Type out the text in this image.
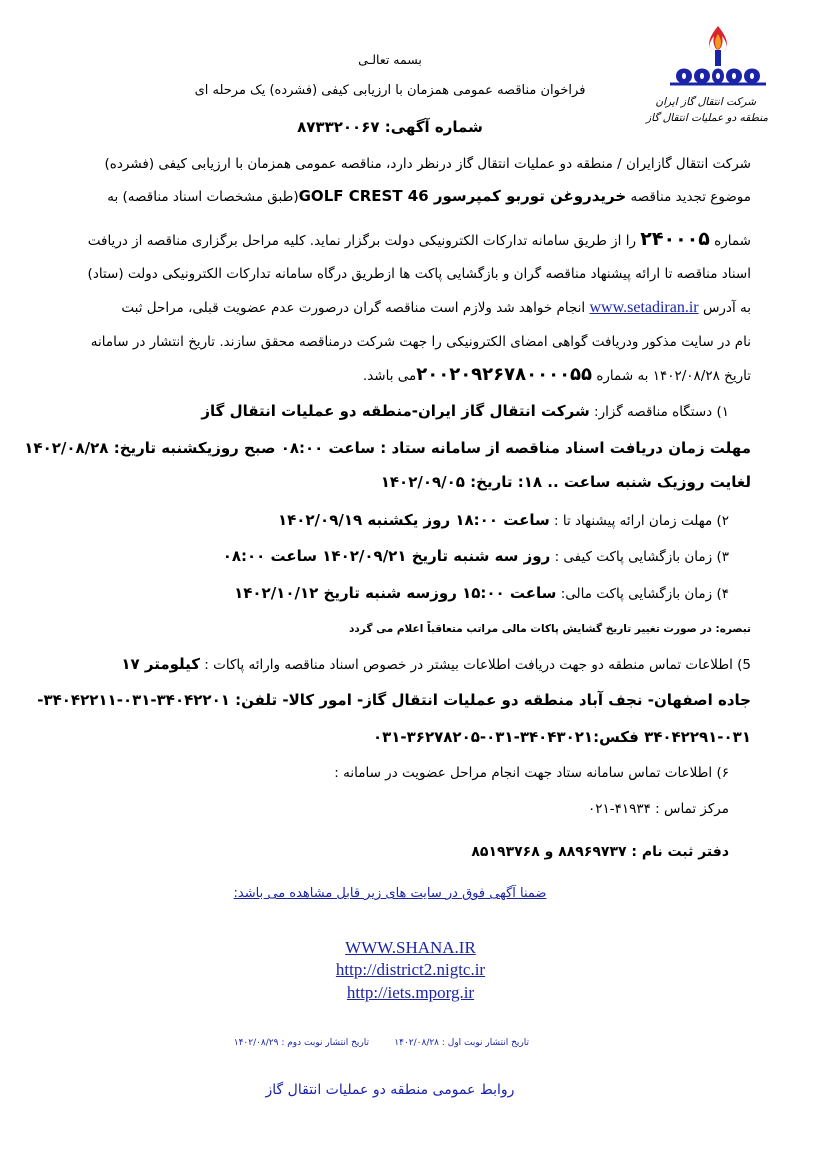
شرکت انتقال گاز ایران
منطقه دو عملیات انتقال گاز
بسمه تعالـی
فراخوان مناقصه عمومی همزمان با ارزیابی کیفی (فشرده) یک مرحله ای
شماره آگهی: ۸۷۳۳۲۰۰۶۷
شرکت انتقال گازایران / منطقه دو عملیات انتقال گاز درنظر دارد، مناقصه عمومی همزمان با ارزیابی کیفی (فشرده)
موضوع تجدید مناقصه خریدروغن توربو کمپرسور GOLF CREST 46(طبق مشخصات اسناد مناقصه) به
شماره ۲۴۰۰۰۵ را از طریق سامانه تدارکات الکترونیکی دولت برگزار نماید. کلیه مراحل برگزاری مناقصه از دریافت
اسناد مناقصه تا ارائه پیشنهاد مناقصه گران و بازگشایی پاکت ها ازطریق درگاه سامانه تدارکات الکترونیکی دولت (ستاد)
به آدرس www.setadiran.ir انجام خواهد شد ولازم است مناقصه گران درصورت عدم عضویت قبلی، مراحل ثبت
نام در سایت مذکور ودریافت گواهی امضای الکترونیکی را جهت شرکت درمناقصه محقق سازند. تاریخ انتشار در سامانه
تاریخ ۱۴۰۲/۰۸/۲۸ به شماره ۲۰۰۲۰۹۲۶۷۸۰۰۰۰۵۵می باشد.
۱) دستگاه مناقصه گزار: شرکت انتقال گاز ایران-منطقه دو عملیات انتقال گاز
مهلت زمان دریافت اسناد مناقصه از سامانه ستاد : ساعت ۰۸:۰۰ صبح روزیکشنبه تاریخ: ۱۴۰۲/۰۸/۲۸
لغایت روزیک شنبه ساعت .. ۱۸: تاریخ: ۱۴۰۲/۰۹/۰۵
۲) مهلت زمان ارائه پیشنهاد تا : ساعت ۱۸:۰۰ روز یکشنبه ۱۴۰۲/۰۹/۱۹
۳) زمان بازگشایی پاکت کیفی : روز سه شنبه تاریخ ۱۴۰۲/۰۹/۲۱ ساعت ۰۸:۰۰
۴) زمان بازگشایی پاکت مالی: ساعت ۱۵:۰۰ روزسه شنبه تاریخ ۱۴۰۲/۱۰/۱۲
تبصره: در صورت تغییر تاریخ گشایش پاکات مالی مراتب متعاقباً اعلام می گردد
5) اطلاعات تماس منطقه دو جهت دریافت اطلاعات بیشتر در خصوص اسناد مناقصه وارائه پاکات : کیلومتر ۱۷
جاده اصفهان- نجف آباد منطقه دو عملیات انتقال گاز- امور کالا- تلفن: ۳۴۰۴۲۲۰۱-۰۳۱-۳۴۰۴۲۲۱۱-
۳۴۰۴۲۲۹۱-۰۳۱ فکس:۳۴۰۴۳۰۲۱-۰۳۱-۳۶۲۷۸۲۰۵-۰۳۱
۶) اطلاعات تماس سامانه ستاد جهت انجام مراحل عضویت در سامانه :
مرکز تماس : ۴۱۹۳۴-۰۲۱
دفتر ثبت نام : ۸۸۹۶۹۷۳۷ و ۸۵۱۹۳۷۶۸
ضمنا آگهی فوق در سایت های زیر قابل مشاهده می باشد:
WWW.SHANA.IR
http://district2.nigtc.ir
http://iets.mporg.ir
تاریخ انتشار نوبت اول : ۱۴۰۲/۰۸/۲۸
تاریخ انتشار نوبت دوم : ۱۴۰۲/۰۸/۲۹
روابط عمومی منطقه دو عملیات انتقال گاز
